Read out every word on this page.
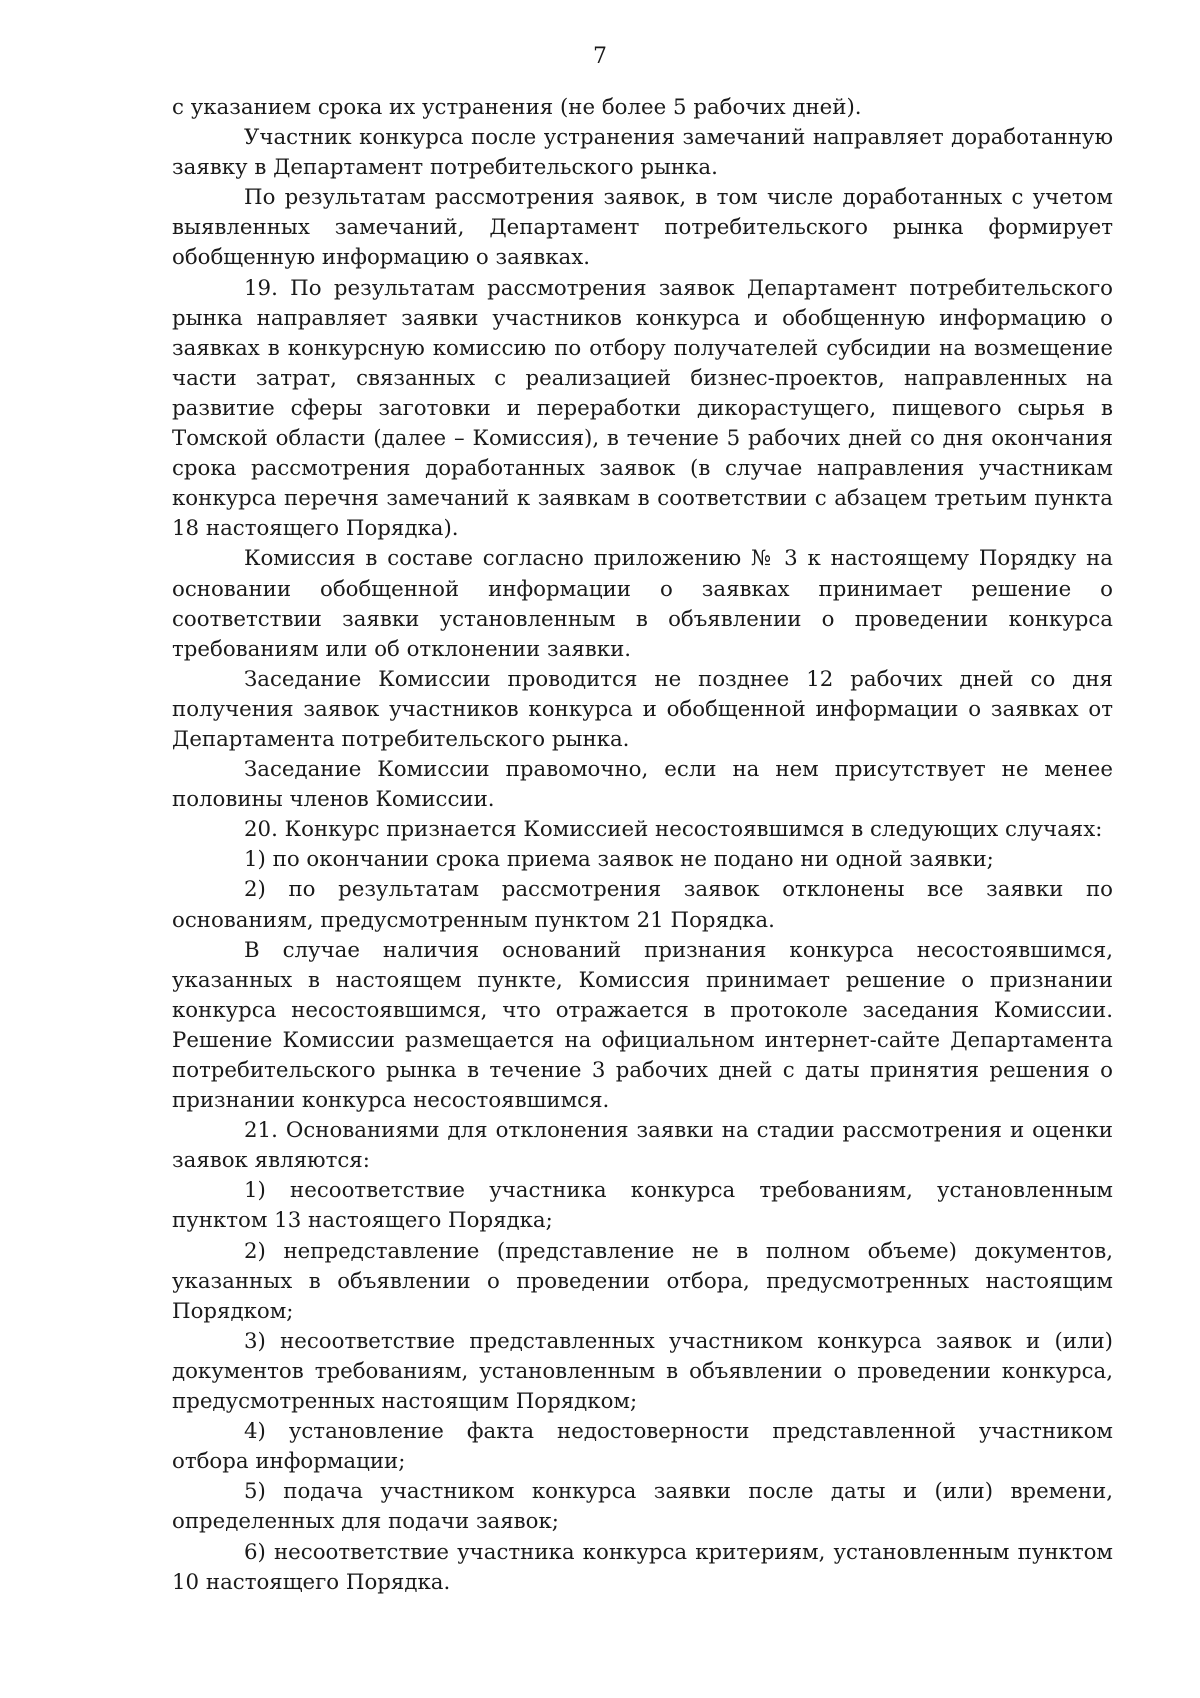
7

с указанием срока их устранения (не более 5 рабочих дней).

Участник конкурса после устранения замечаний направляет доработанную заявку в Департамент потребительского рынка.

По результатам рассмотрения заявок, в том числе доработанных с учетом выявленных замечаний, Департамент потребительского рынка формирует обобщенную информацию о заявках.

19. По результатам рассмотрения заявок Департамент потребительского рынка направляет заявки участников конкурса и обобщенную информацию о заявках в конкурсную комиссию по отбору получателей субсидии на возмещение части затрат, связанных с реализацией бизнес-проектов, направленных на развитие сферы заготовки и переработки дикорастущего, пищевого сырья в Томской области (далее – Комиссия), в течение 5 рабочих дней со дня окончания срока рассмотрения доработанных заявок (в случае направления участникам конкурса перечня замечаний к заявкам в соответствии с абзацем третьим пункта 18 настоящего Порядка).

Комиссия в составе согласно приложению № 3 к настоящему Порядку на основании обобщенной информации о заявках принимает решение о соответствии заявки установленным в объявлении о проведении конкурса требованиям или об отклонении заявки.

Заседание Комиссии проводится не позднее 12 рабочих дней со дня получения заявок участников конкурса и обобщенной информации о заявках от Департамента потребительского рынка.

Заседание Комиссии правомочно, если на нем присутствует не менее половины членов Комиссии.

20. Конкурс признается Комиссией несостоявшимся в следующих случаях:

1) по окончании срока приема заявок не подано ни одной заявки;

2) по результатам рассмотрения заявок отклонены все заявки по основаниям, предусмотренным пунктом 21 Порядка.

В случае наличия оснований признания конкурса несостоявшимся, указанных в настоящем пункте, Комиссия принимает решение о признании конкурса несостоявшимся, что отражается в протоколе заседания Комиссии. Решение Комиссии размещается на официальном интернет-сайте Департамента потребительского рынка в течение 3 рабочих дней с даты принятия решения о признании конкурса несостоявшимся.

21. Основаниями для отклонения заявки на стадии рассмотрения и оценки заявок являются:

1) несоответствие участника конкурса требованиям, установленным пунктом 13 настоящего Порядка;

2) непредставление (представление не в полном объеме) документов, указанных в объявлении о проведении отбора, предусмотренных настоящим Порядком;

3) несоответствие представленных участником конкурса заявок и (или) документов требованиям, установленным в объявлении о проведении конкурса, предусмотренных настоящим Порядком;

4) установление факта недостоверности представленной участником отбора информации;

5) подача участником конкурса заявки после даты и (или) времени, определенных для подачи заявок;

6) несоответствие участника конкурса критериям, установленным пунктом 10 настоящего Порядка.
